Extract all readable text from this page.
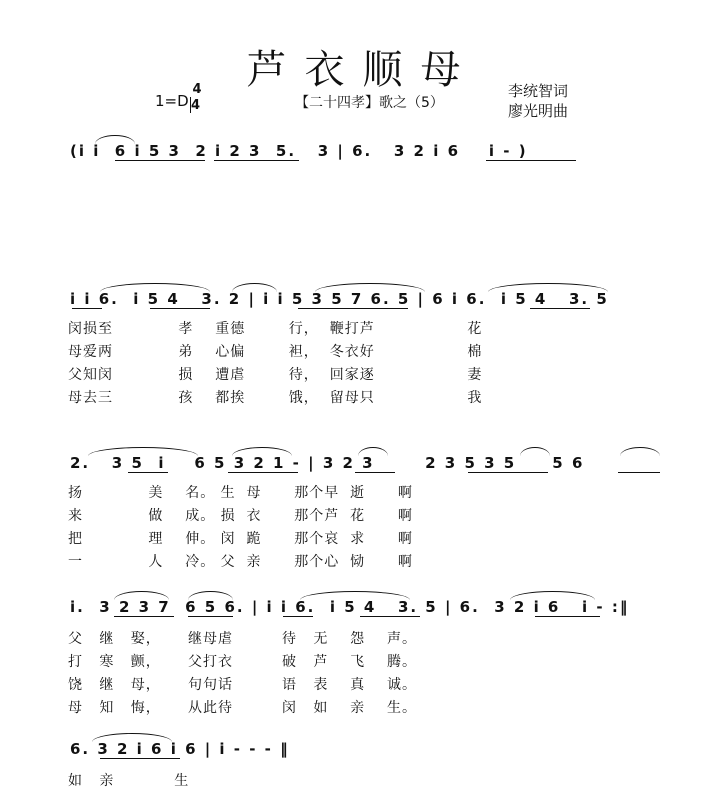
芦衣顺母
1=D
4
4	【二十四孝】歌之（5）
李统智词
廖光明曲
(i i  6 i 5 3  2 i 2 3  5.   3 | 6.   3 2 i 6    i - )
i i 6.  i 5 4   3. 2 | i i 5 3 5 7 6. 5 | 6 i 6.  i 5 4   3. 5
闵损至            孝    重德        行，  鞭打芦                 花
母爱两            弟    心偏        袒，  冬衣好                 棉
父知闵            损    遭虐        待，  回家逐                 妻
母去三            孩    都挨        饿，  留母只                 我
2.   3 5  i    6 5 3 2 1 - | 3 2 3       2 3 5 3 5     5 6
扬            美    名。 生  母      那个早  逝      啊
来            做    成。 损  衣      那个芦  花      啊
把            理    伸。 闵  跪      那个哀  求      啊
一            人    冷。 父  亲      那个心  恸      啊
i.  3 2 3 7  6 5 6. | i i 6.  i 5 4   3. 5 | 6.  3 2 i 6   i - :‖
父   继   娶，     继母虐         待   无    怨    声。
打   寒   颤，     父打衣         破   芦    飞    腾。
饶   继   母，     句句话         语   表    真    诚。
母   知   悔，     从此待         闵   如    亲    生。
6. 3 2 i 6 i 6 | i - - - ‖
如   亲           生
